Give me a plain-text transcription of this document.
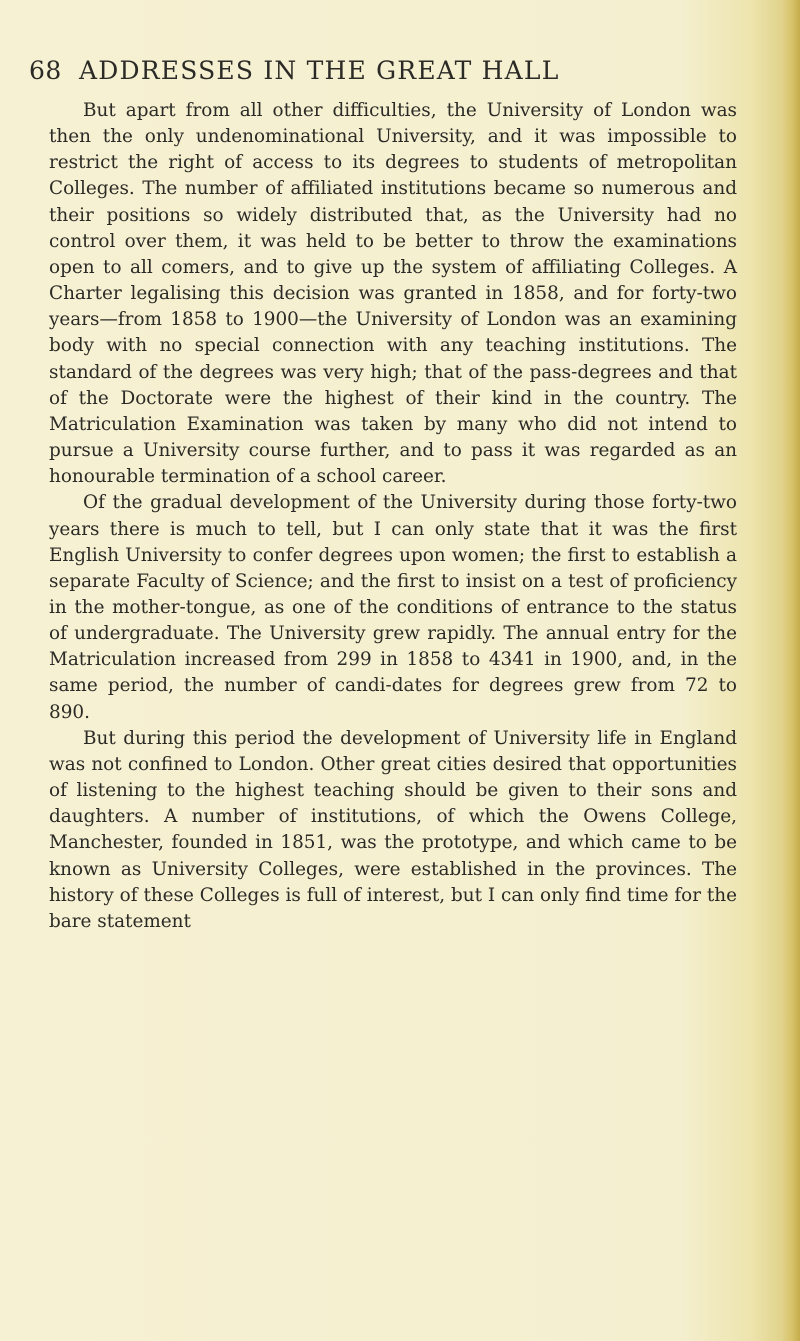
68 ADDRESSES IN THE GREAT HALL

But apart from all other difficulties, the University of London was then the only undenominational University, and it was impossible to restrict the right of access to its degrees to students of metropolitan Colleges. The number of affiliated institutions became so numerous and their positions so widely distributed that, as the University had no control over them, it was held to be better to throw the examinations open to all comers, and to give up the system of affiliating Colleges. A Charter legalising this decision was granted in 1858, and for forty-two years—from 1858 to 1900—the University of London was an examining body with no special connection with any teaching institutions. The standard of the degrees was very high; that of the pass-degrees and that of the Doctorate were the highest of their kind in the country. The Matriculation Examination was taken by many who did not intend to pursue a University course further, and to pass it was regarded as an honourable termination of a school career.

Of the gradual development of the University during those forty-two years there is much to tell, but I can only state that it was the first English University to confer degrees upon women; the first to establish a separate Faculty of Science; and the first to insist on a test of proficiency in the mother-tongue, as one of the conditions of entrance to the status of undergraduate. The University grew rapidly. The annual entry for the Matriculation increased from 299 in 1858 to 4341 in 1900, and, in the same period, the number of candi-dates for degrees grew from 72 to 890.

But during this period the development of University life in England was not confined to London. Other great cities desired that opportunities of listening to the highest teaching should be given to their sons and daughters. A number of institutions, of which the Owens College, Manchester, founded in 1851, was the prototype, and which came to be known as University Colleges, were established in the provinces. The history of these Colleges is full of interest, but I can only find time for the bare statement
